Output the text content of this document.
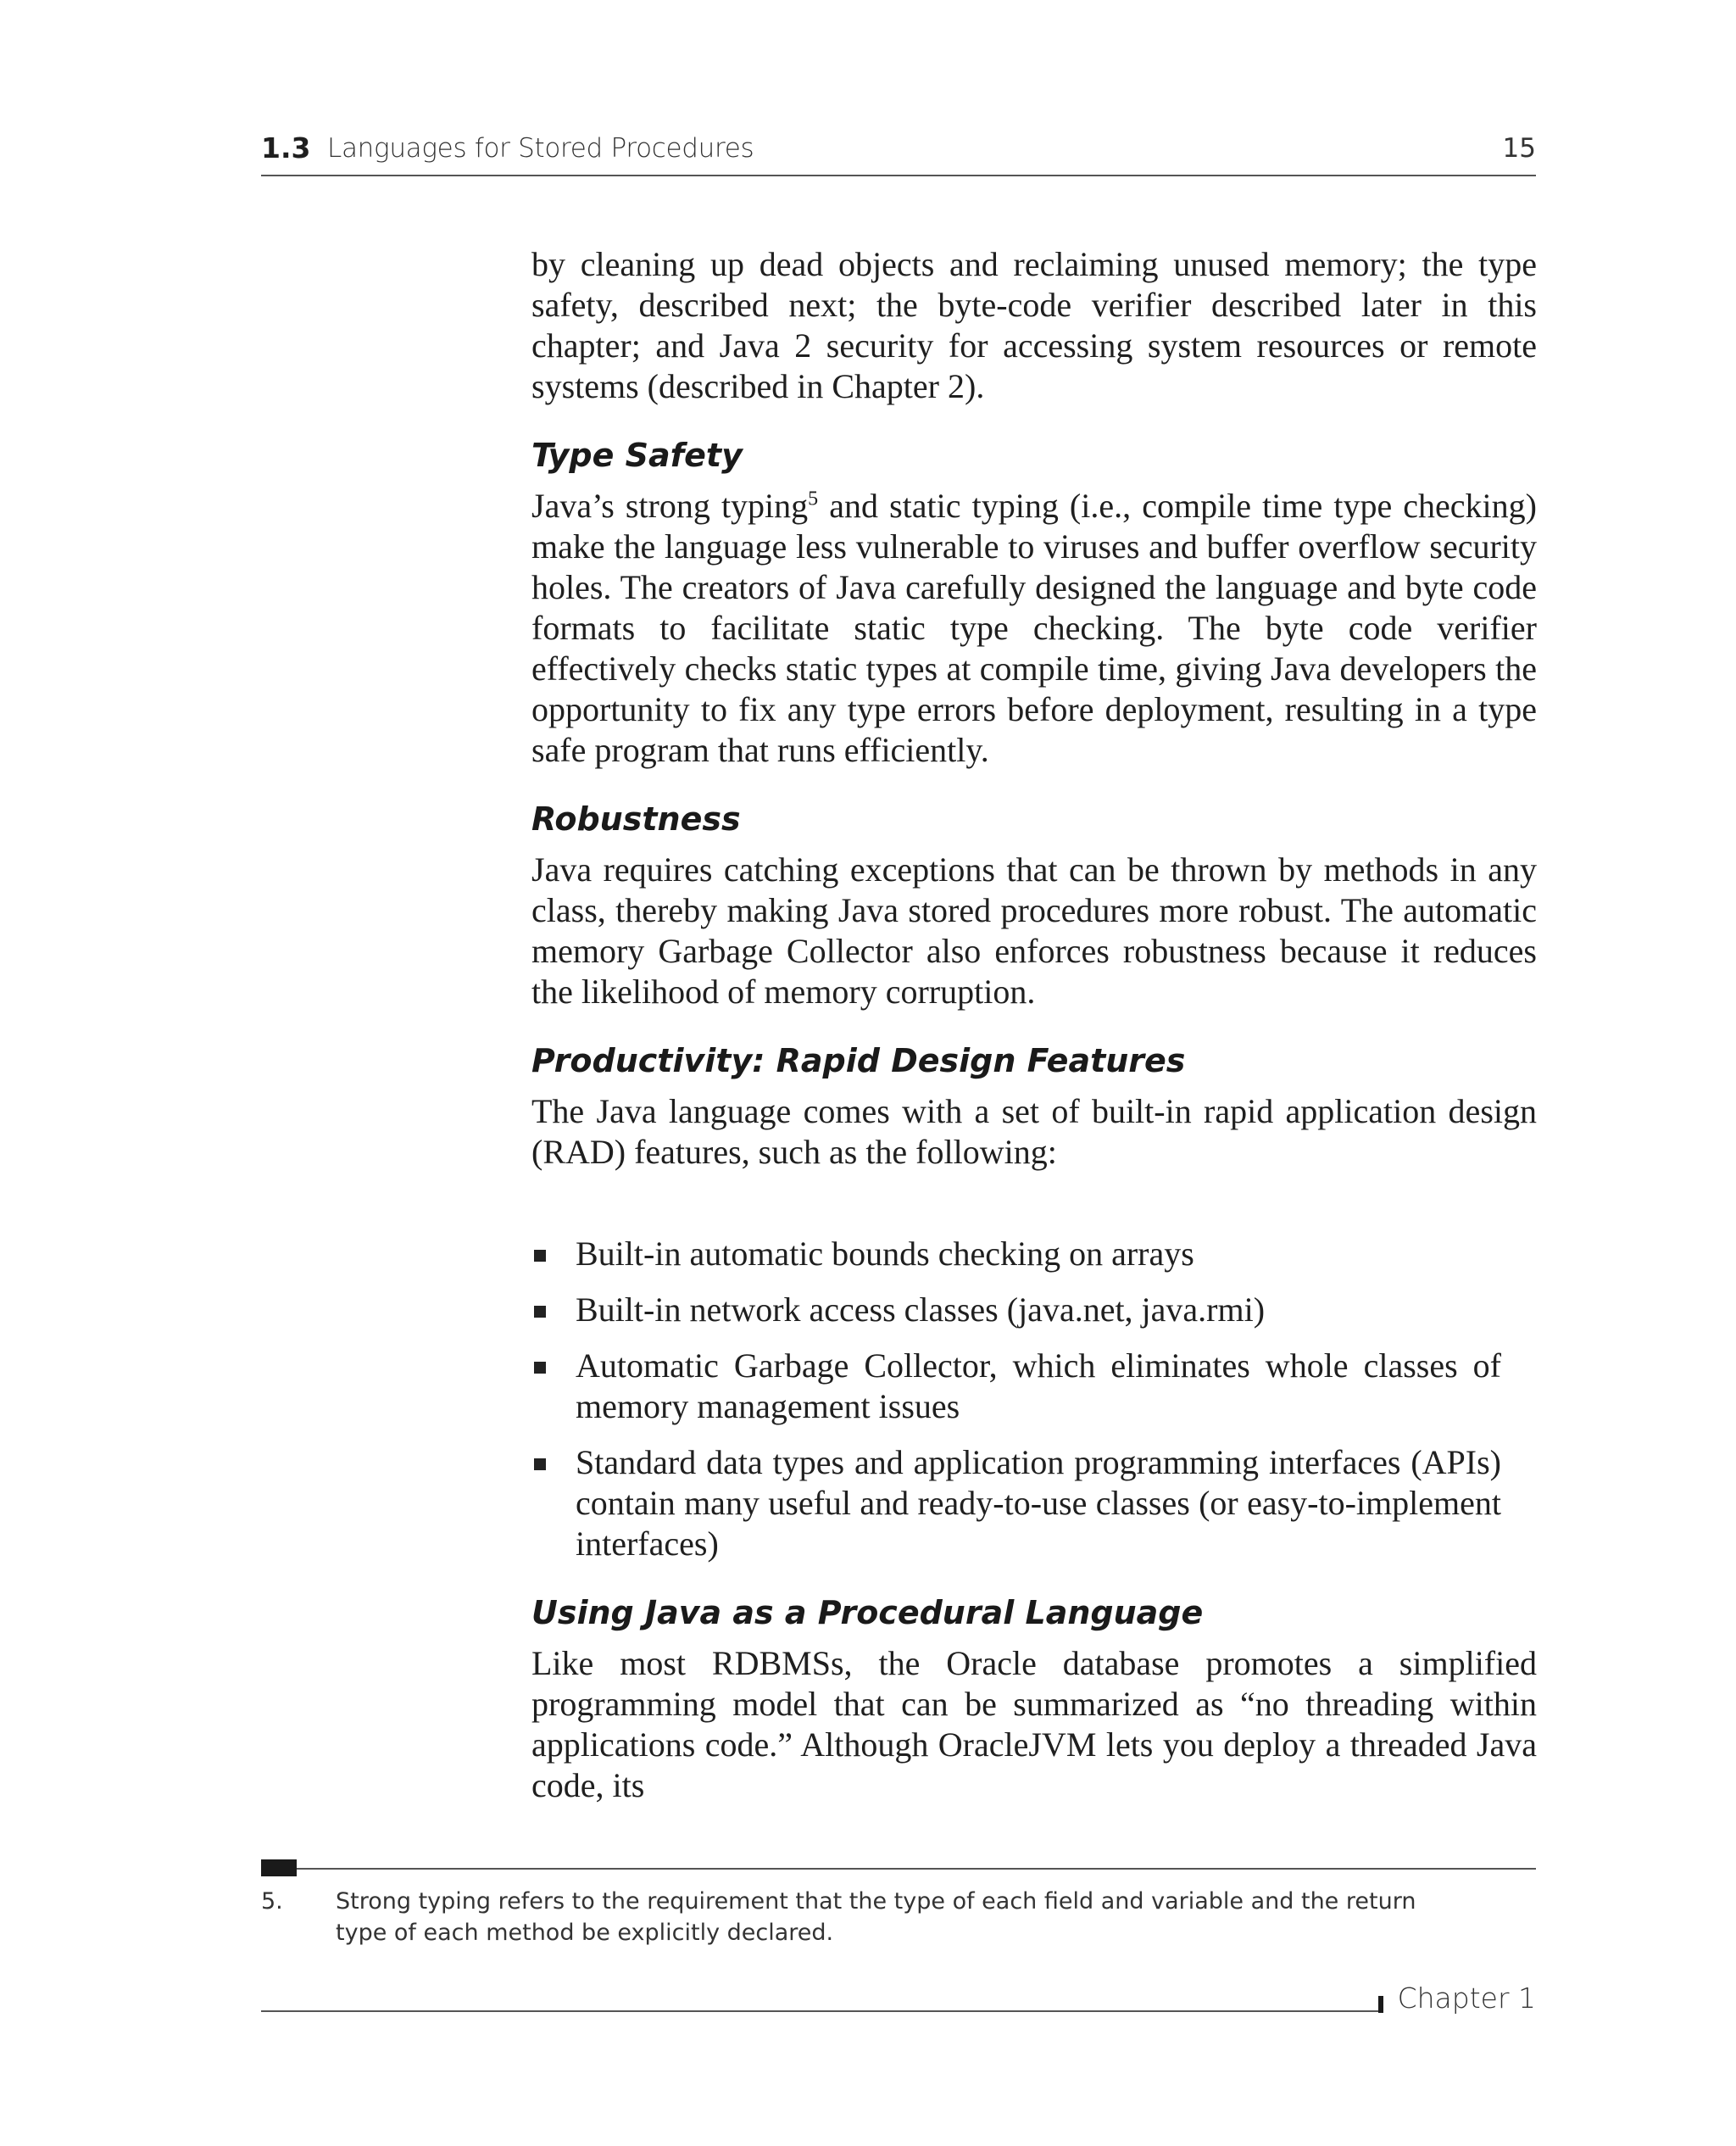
1.3 Languages for Stored Procedures	15

by cleaning up dead objects and reclaiming unused memory; the type safety, described next; the byte-code verifier described later in this chapter; and Java 2 security for accessing system resources or remote systems (described in Chapter 2).

Type Safety

Java’s strong typing$^5$ and static typing (i.e., compile time type checking) make the language less vulnerable to viruses and buffer overflow security holes. The creators of Java carefully designed the language and byte code formats to facilitate static type checking. The byte code verifier effectively checks static types at compile time, giving Java developers the opportunity to fix any type errors before deployment, resulting in a type safe program that runs efficiently.

Robustness

Java requires catching exceptions that can be thrown by methods in any class, thereby making Java stored procedures more robust. The automatic memory Garbage Collector also enforces robustness because it reduces the likelihood of memory corruption.

Productivity: Rapid Design Features

The Java language comes with a set of built-in rapid application design (RAD) features, such as the following:

Built-in automatic bounds checking on arrays
Built-in network access classes (java.net, java.rmi)
Automatic Garbage Collector, which eliminates whole classes of memory management issues
Standard data types and application programming interfaces (APIs) contain many useful and ready-to-use classes (or easy-to-implement interfaces)
Using Java as a Procedural Language

Like most RDBMSs, the Oracle database promotes a simplified programming model that can be summarized as “no threading within applications code.” Although OracleJVM lets you deploy a threaded Java code, its

5. Strong typing refers to the requirement that the type of each field and variable and the return type of each method be explicitly declared.
Chapter 1
